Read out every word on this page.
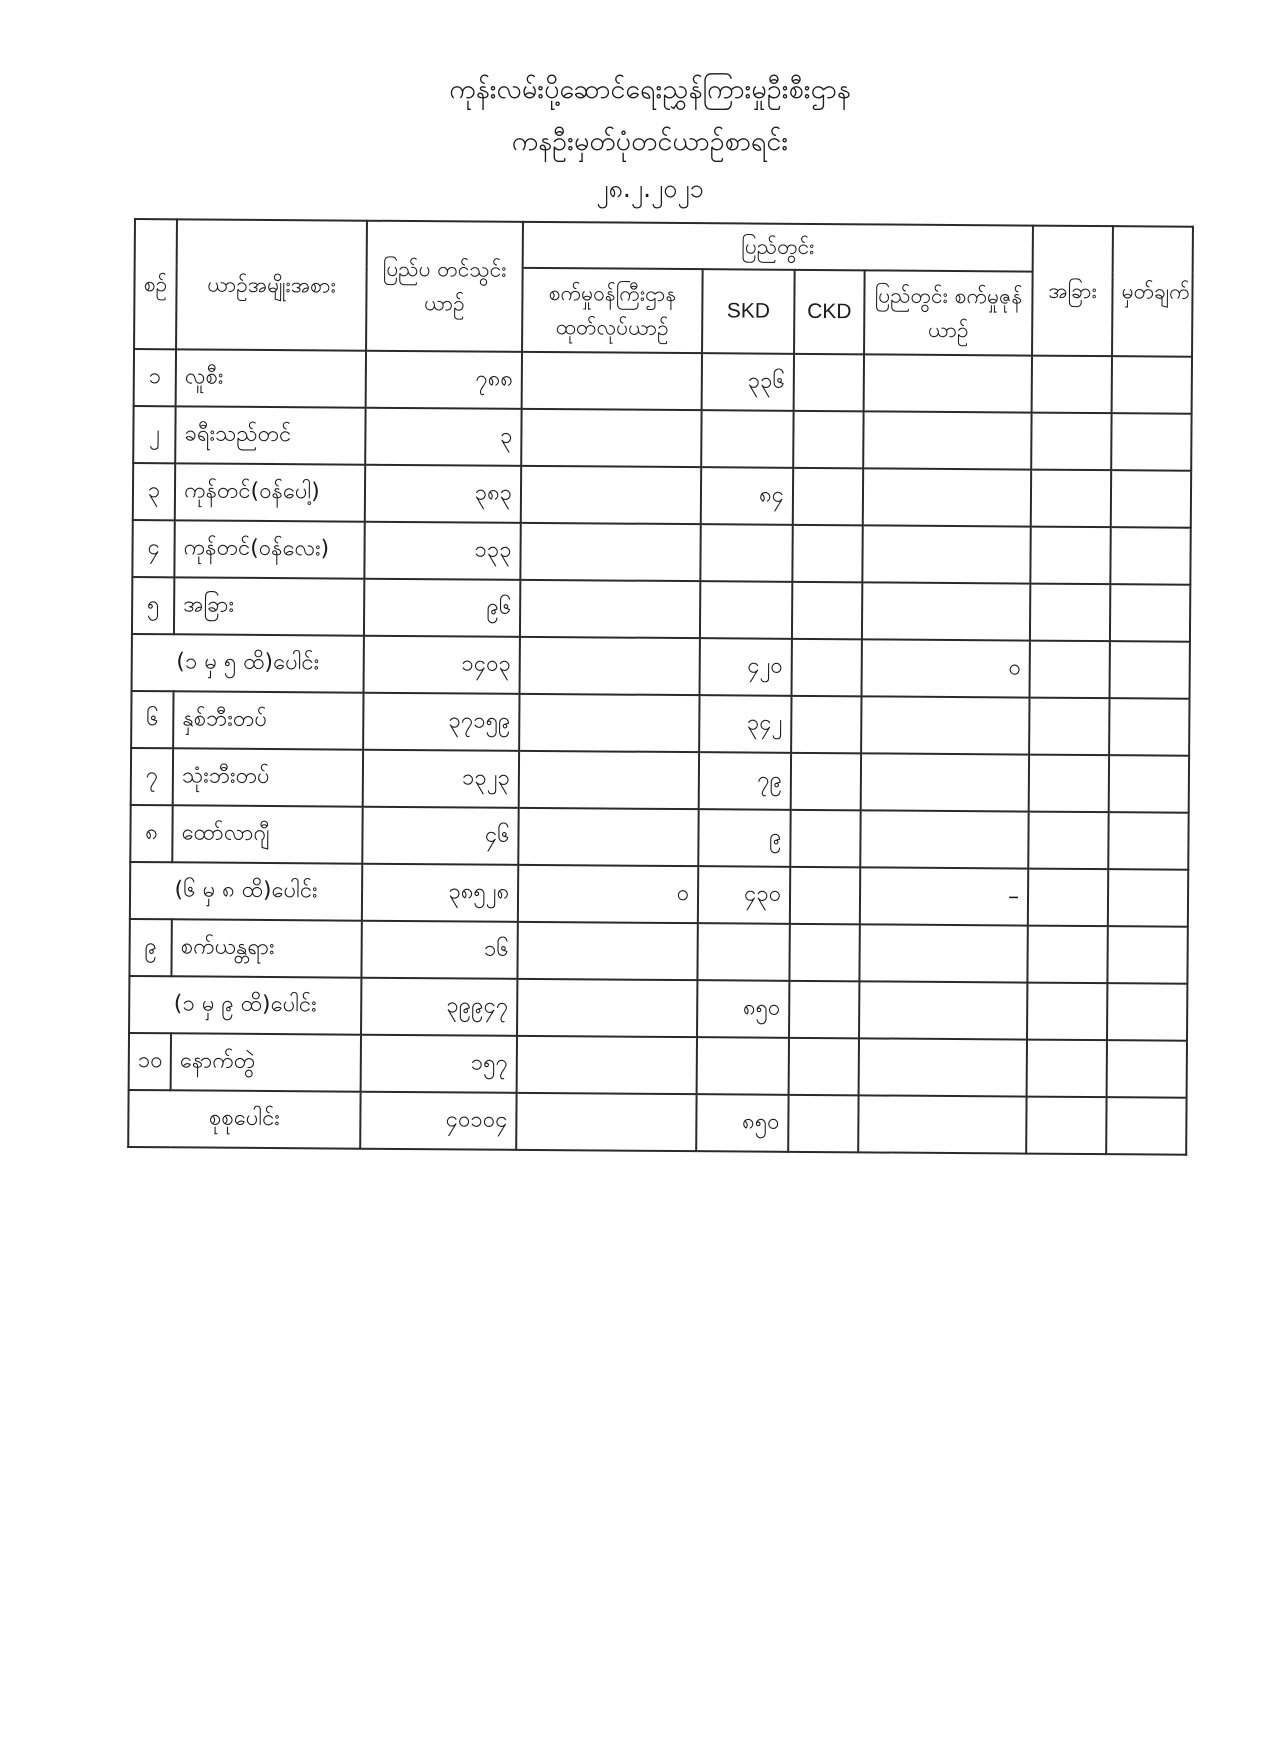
ကုန်းလမ်းပို့ဆောင်ရေးညွှန်ကြားမှုဦးစီးဌာန
ကနဦးမှတ်ပုံတင်ယာဉ်စာရင်း
၂၈.၂.၂၀၂၁
စဉ်	ယာဉ်အမျိုးအစား	ပြည်ပ တင်သွင်းယာဉ်	ပြည်တွင်း				အခြား	မှတ်ချက်
			စက်မှုဝန်ကြီးဌာန ထုတ်လုပ်ယာဉ်	SKD	CKD	ပြည်တွင်း စက်မှုဇုန်ယာဉ်		
၁	လူစီး	၇၈၈		၃၃၆				
၂	ခရီးသည်တင်	၃						
၃	ကုန်တင်(ဝန်ပေါ့)	၃၈၃		၈၄				
၄	ကုန်တင်(ဝန်လေး)	၁၃၃						
၅	အခြား	၉၆						
(၁ မှ ၅ ထိ)ပေါင်း		၁၄၀၃		၄၂၀		၀		
၆	နှစ်ဘီးတပ်	၃၇၁၅၉		၃၄၂				
၇	သုံးဘီးတပ်	၁၃၂၃		၇၉				
၈	ထော်လာဂျီ	၄၆		၉				
(၆ မှ ၈ ထိ)ပေါင်း		၃၈၅၂၈	၀	၄၃၀		–		
၉	စက်ယန္တရား	၁၆						
(၁ မှ ၉ ထိ)ပေါင်း		၃၉၉၄၇		၈၅၀				
၁၀	နောက်တွဲ	၁၅၇						
စုစုပေါင်း		၄၀၁၀၄		၈၅၀				
